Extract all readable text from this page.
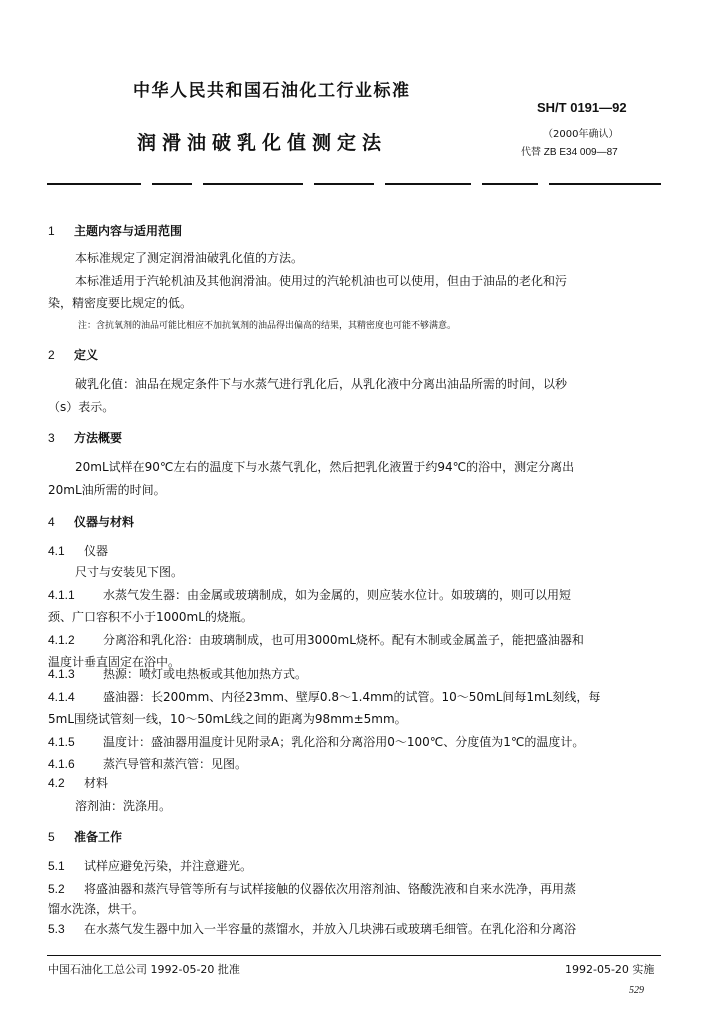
中华人民共和国石油化工行业标准
SH/T 0191—92
润滑油破乳化值测定法	（2000年确认）
代替 ZB E34 009—87
1 主题内容与适用范围
本标准规定了测定润滑油破乳化值的方法。
本标准适用于汽轮机油及其他润滑油。使用过的汽轮机油也可以使用，但由于油品的老化和污
染，精密度要比规定的低。
注：含抗氧剂的油品可能比相应不加抗氧剂的油品得出偏高的结果，其精密度也可能不够满意。
2 定义
破乳化值：油品在规定条件下与水蒸气进行乳化后，从乳化液中分离出油品所需的时间，以秒
（s）表示。
3 方法概要
20mL试样在90℃左右的温度下与水蒸气乳化，然后把乳化液置于约94℃的浴中，测定分离出
20mL油所需的时间。
4 仪器与材料
4.1 仪器
尺寸与安装见下图。
4.1.1 水蒸气发生器：由金属或玻璃制成，如为金属的，则应装水位计。如玻璃的，则可以用短
颈、广口容积不小于1000mL的烧瓶。
4.1.2 分离浴和乳化浴：由玻璃制成，也可用3000mL烧杯。配有木制或金属盖子，能把盛油器和
温度计垂直固定在浴中。
4.1.3 热源：喷灯或电热板或其他加热方式。
4.1.4 盛油器：长200mm、内径23mm、壁厚0.8～1.4mm的试管。10～50mL间每1mL刻线，每
5mL围绕试管刻一线，10～50mL线之间的距离为98mm±5mm。
4.1.5 温度计：盛油器用温度计见附录A；乳化浴和分离浴用0～100℃、分度值为1℃的温度计。
4.1.6 蒸汽导管和蒸汽管：见图。
4.2 材料
溶剂油：洗涤用。
5 准备工作
5.1 试样应避免污染，并注意避光。
5.2 将盛油器和蒸汽导管等所有与试样接触的仪器依次用溶剂油、铬酸洗液和自来水洗净，再用蒸
馏水洗涤，烘干。
5.3 在水蒸气发生器中加入一半容量的蒸馏水，并放入几块沸石或玻璃毛细管。在乳化浴和分离浴
中国石油化工总公司 1992-05-20 批准	1992-05-20 实施
529
